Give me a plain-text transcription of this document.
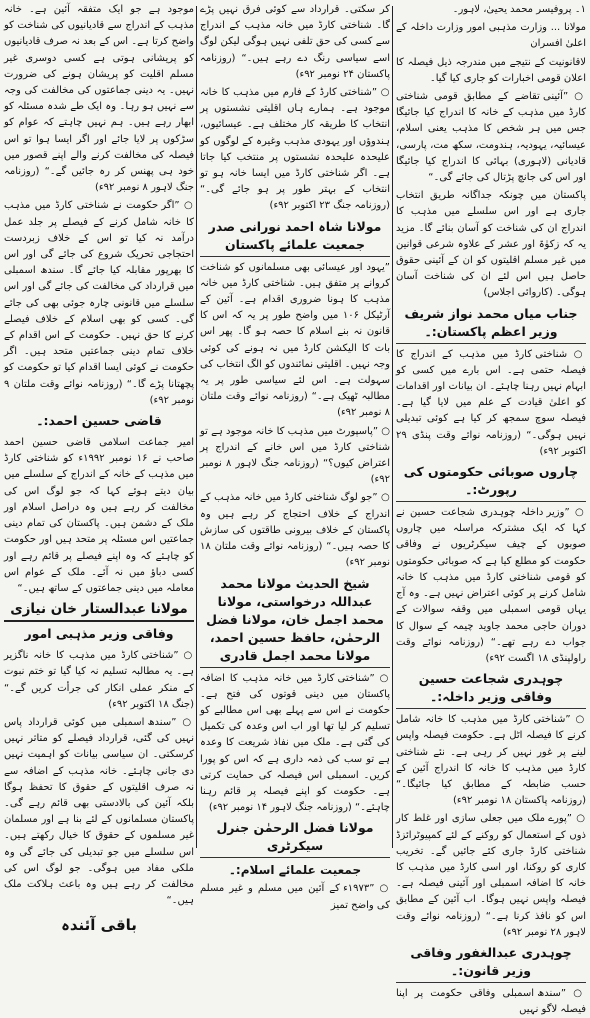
۱۔ پروفیسر محمد یحییٰ، لاہور۔

مولانا ... وزارت مذہبی امور وزارت داخلہ کے اعلیٰ افسران

لاقانونیت کے نتیجے میں مندرجہ ذیل فیصلہ کا اعلان قومی اخبارات کو جاری کیا گیا۔

○ ”آئینی تقاضے کے مطابق قومی شناختی کارڈ میں مذہب کے خانہ کا اندراج کیا جائیگا جس میں ہر شخص کا مذہب یعنی اسلام، عیسائیہ، یہودیہ، ہندومت، سکھ مت، پارسی، قادیانی (لاہوری) بہائی کا اندراج کیا جائیگا اور اس کی جانچ پڑتال کی جائے گی۔“

پاکستان میں چونکہ جداگانہ طریق انتخاب جاری ہے اور اس سلسلے میں مذہب کا اندراج ان کی شناخت کو آسان بنائے گا۔ مزید یہ کہ زکوٰۃ اور عشر کے علاوہ شرعی قوانین میں غیر مسلم اقلیتوں کو ان کے آئینی حقوق حاصل ہیں اس لئے ان کی شناخت آسان ہوگی۔ (کاروائی اجلاس)

جناب میاں محمد نواز شریف وزیر اعظم پاکستان:۔

○ شناختی کارڈ میں مذہب کے اندراج کا فیصلہ حتمی ہے۔ اس بارے میں کسی کو ابہام نہیں رہنا چاہئے۔ ان بیانات اور اقدامات کو اعلیٰ قیادت کے علم میں لایا گیا ہے۔ فیصلہ سوچ سمجھ کر کیا ہے کوئی تبدیلی نہیں ہوگی۔“ (روزنامہ نوائے وقت پنڈی ۲۹ اکتوبر ۹۲ء)

چاروں صوبائی حکومتوں کی رپورٹ:۔

○ ”وزیر داخلہ چوہدری شجاعت حسین نے کہا کہ ایک مشترکہ مراسلہ میں چاروں صوبوں کے چیف سیکرٹریوں نے وفاقی حکومت کو مطلع کیا ہے کہ صوبائی حکومتوں کو قومی شناختی کارڈ میں مذہب کا خانہ شامل کرنے پر کوئی اعتراض نہیں ہے۔ وہ آج یہاں قومی اسمبلی میں وقفہ سوالات کے دوران حاجی محمد جاوید چیمہ کے سوال کا جواب دے رہے تھے۔“ (روزنامہ نوائے وقت راولپنڈی ۱۸ اگست ۹۲ء)

چوہدری شجاعت حسین وفاقی وزیر داخلہ:۔

○ ”شناختی کارڈ میں مذہب کا خانہ شامل کرنے کا فیصلہ اٹل ہے۔ حکومت فیصلہ واپس لینے پر غور نہیں کر رہی ہے۔ نئے شناختی کارڈ میں مذہب کا خانہ کا اندراج آئین کے حسب ضابطہ کے مطابق کیا جائیگا۔“ (روزنامہ پاکستان ۱۸ نومبر ۹۲ء)

○ ”پورے ملک میں جعلی سازی اور غلط کار ذوں کے استعمال کو روکنے کے لئے کمپیوٹرائزڈ شناختی کارڈ جاری کئے جائیں گے۔ تخریب کاری کو روکنا، اور اسی کارڈ میں مذہب کا خانہ کا اضافہ اسمبلی اور آئینی فیصلہ ہے۔ فیصلہ واپس نہیں ہوگا۔ اب آئین کے مطابق اس کو نافذ کرنا ہے۔“ (روزنامہ نوائے وقت لاہور ۲۸ نومبر ۹۲ء)

چوہدری عبدالغفور وفاقی وزیر قانون:۔

○ ”سندھ اسمبلی وفاقی حکومت پر اپنا فیصلہ لاگو نہیں

کر سکتی۔ قرارداد سے کوئی فرق نہیں پڑے گا۔ شناختی کارڈ میں خانہ مذہب کے اندراج سے کسی کی حق تلفی نہیں ہوگی لیکن لوگ اسے سیاسی رنگ دے رہے ہیں۔“ (روزنامہ پاکستان ۲۴ نومبر ۹۲ء)

○ ”شناختی کارڈ کے فارم میں مذہب کا خانہ موجود ہے۔ ہمارے ہاں اقلیتی نشستوں پر انتخاب کا طریقہ کار مختلف ہے۔ عیسائیوں، ہندوؤں اور یہودی مذہب وغیرہ کے لوگوں کو علیحدہ علیحدہ نشستوں پر منتخب کیا جاتا ہے۔ اگر شناختی کارڈ میں ایسا خانہ ہو تو انتخاب کے بہتر طور پر ہو جائے گی۔“ (روزنامہ جنگ ۲۳ اکتوبر ۹۲ء)

مولانا شاہ احمد نورانی صدر جمعیت علمائے پاکستان

”یہود اور عیسائی بھی مسلمانوں کو شناخت کروانے پر متفق ہیں۔ شناختی کارڈ میں خانہ مذہب کا ہونا ضروری اقدام ہے۔ آئین کے آرٹیکل ۱۰۶ میں واضح طور پر یہ کہ اس کا قانون نہ بنے اسلام کا حصہ ہو گا۔ پھر اس بات کا الیکشن کارڈ میں نہ ہونے کی کوئی وجہ نہیں۔ اقلیتی نمائندوں کو الگ انتخاب کی سہولت ہے۔ اس لئے سیاسی طور پر یہ مطالبہ ٹھیک ہے۔“ (روزنامہ نوائے وقت ملتان ۸ نومبر ۹۲ء)

○ ”پاسپورٹ میں مذہب کا خانہ موجود ہے تو شناختی کارڈ میں اس خانے کے اندراج پر اعتراض کیوں؟“ (روزنامہ جنگ لاہور ۸ نومبر ۹۲ء)

○ ”جو لوگ شناختی کارڈ میں خانہ مذہب کے اندراج کے خلاف احتجاج کر رہے ہیں وہ پاکستان کے خلاف بیرونی طاقتوں کی سازش کا حصہ ہیں۔“ (روزنامہ نوائے وقت ملتان ۱۸ نومبر ۹۲ء)

شیخ الحدیث مولانا محمد عبداللہ درخواستی، مولانا محمد اجمل خان، مولانا فضل الرحمٰن، حافظ حسین احمد، مولانا محمد اجمل قادری

○ ”شناختی کارڈ میں خانہ مذہب کا اضافہ پاکستان میں دینی قوتوں کی فتح ہے۔ حکومت نے اس سے پہلے بھی اس مطالبے کو تسلیم کر لیا تھا اور اب اس وعدہ کی تکمیل کی گئی ہے۔ ملک میں نفاذ شریعت کا وعدہ ہے تو سب کی ذمہ داری ہے کہ اس کو پورا کریں۔ اسمبلی اس فیصلہ کی حمایت کرتی ہے۔ حکومت کو اپنے فیصلہ پر قائم رہنا چاہئے۔“ (روزنامہ جنگ لاہور ۱۴ نومبر ۹۲ء)

مولانا فضل الرحمٰن جنرل سیکرٹری
جمعیت علمائے اسلام:۔

○ ”۱۹۷۳ء کے آئین میں مسلم و غیر مسلم کی واضح تمیز

موجود ہے جو ایک متفقہ آئین ہے۔ خانہ مذہب کے اندراج سے قادیانیوں کی شناخت کو واضح کرتا ہے۔ اس کے بعد نہ صرف قادیانیوں کو پریشانی ہوتی ہے کسی دوسری غیر مسلم اقلیت کو پریشان ہونے کی ضرورت نہیں۔ یہ دینی جماعتوں کی مخالفت کی وجہ سے نہیں ہو رہا۔ وہ ایک طے شدہ مسئلہ کو ابھار رہے ہیں۔ ہم نہیں چاہتے کہ عوام کو سڑکوں پر لایا جائے اور اگر ایسا ہوا تو اس فیصلہ کی مخالفت کرنے والے اپنے قصور میں خود ہی پھنس کر رہ جائیں گے۔“ (روزنامہ جنگ لاہور ۸ نومبر ۹۲ء)

○ ”اگر حکومت نے شناختی کارڈ میں مذہب کا خانہ شامل کرنے کے فیصلے پر جلد عمل درآمد نہ کیا تو اس کے خلاف زبردست احتجاجی تحریک شروع کی جائے گی اور اس کا بھرپور مقابلہ کیا جائے گا۔ سندھ اسمبلی میں قرارداد کی مخالفت کی جائے گی اور اس سلسلے میں قانونی چارہ جوئی بھی کی جائے گی۔ کسی کو بھی اسلام کے خلاف فیصلے کرنے کا حق نہیں۔ حکومت کے اس اقدام کے خلاف تمام دینی جماعتیں متحد ہیں۔ اگر حکومت نے کوئی ایسا اقدام کیا تو حکومت کو پچھتانا پڑے گا۔“ (روزنامہ نوائے وقت ملتان ۹ نومبر ۹۲ء)

قاضی حسین احمد:۔

امیر جماعت اسلامی قاضی حسین احمد صاحب نے ۱۶ نومبر ۱۹۹۲ء کو شناختی کارڈ میں مذہب کے خانہ کے اندراج کے سلسلے میں بیان دیتے ہوئے کہا کہ جو لوگ اس کی مخالفت کر رہے ہیں وہ دراصل اسلام اور ملک کے دشمن ہیں۔ پاکستان کی تمام دینی جماعتیں اس مسئلہ پر متحد ہیں اور حکومت کو چاہئے کہ وہ اپنے فیصلے پر قائم رہے اور کسی دباؤ میں نہ آئے۔ ملک کے عوام اس معاملہ میں دینی جماعتوں کے ساتھ ہیں۔“

مولانا عبدالستار خان نیازی
وفاقی وزیر مذہبی امور

○ ”شناختی کارڈ میں مذہب کا خانہ ناگزیر ہے۔ یہ مطالبہ تسلیم نہ کیا گیا تو ختم نبوت کے منکر عملی انکار کی جرأت کریں گے۔“ (جنگ ۱۸ اکتوبر ۹۲ء)

○ ”سندھ اسمبلی میں کوئی قرارداد پاس نہیں کی گئی، قرارداد فیصلے کو متاثر نہیں کرسکتی۔ ان سیاسی بیانات کو اہمیت نہیں دی جانی چاہئے۔ خانہ مذہب کے اضافہ سے نہ صرف اقلیتوں کے حقوق کا تحفظ ہوگا بلکہ آئین کی بالادستی بھی قائم رہے گی۔ پاکستان مسلمانوں کے لئے بنا ہے اور مسلمان غیر مسلموں کے حقوق کا خیال رکھتے ہیں۔ اس سلسلے میں جو تبدیلی کی جائے گی وہ ملکی مفاد میں ہوگی۔ جو لوگ اس کی مخالفت کر رہے ہیں وہ باعث ہلاکت ملک ہیں۔“

باقی آئندہ
